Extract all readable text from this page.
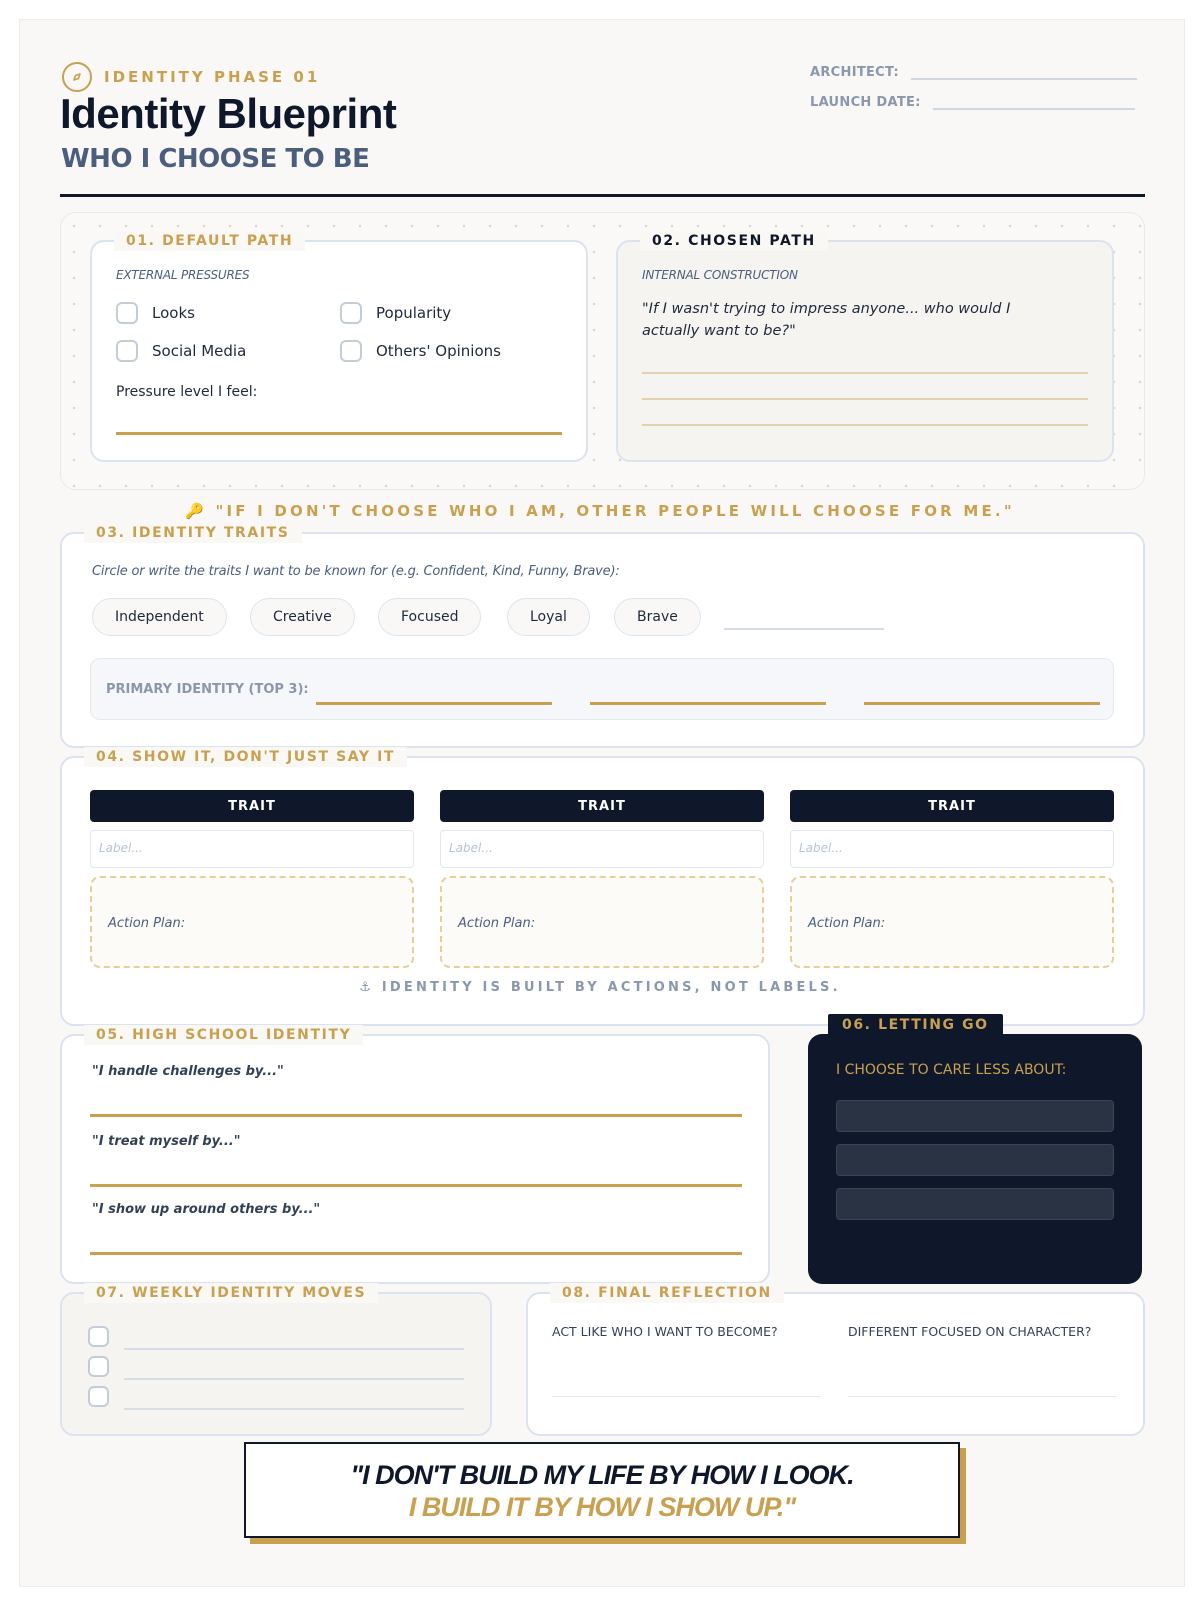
IDENTITY PHASE 01
Identity Blueprint
WHO I CHOOSE TO BE
ARCHITECT:
LAUNCH DATE:
01. DEFAULT PATH
EXTERNAL PRESSURES
Looks	Popularity
Social Media	Others' Opinions
Pressure level I feel:
02. CHOSEN PATH
INTERNAL CONSTRUCTION
"If I wasn't trying to impress anyone... who would I actually want to be?"
🔑 "IF I DON'T CHOOSE WHO I AM, OTHER PEOPLE WILL CHOOSE FOR ME."
03. IDENTITY TRAITS
Circle or write the traits I want to be known for (e.g. Confident, Kind, Funny, Brave):
Independent	Creative	Focused	Loyal	Brave
PRIMARY IDENTITY (TOP 3):
04. SHOW IT, DON'T JUST SAY IT
TRAIT	TRAIT	TRAIT
Label...	Label...	Label...
Action Plan:	Action Plan:	Action Plan:
⚓ IDENTITY IS BUILT BY ACTIONS, NOT LABELS.
05. HIGH SCHOOL IDENTITY
"I handle challenges by..."
"I treat myself by..."
"I show up around others by..."
06. LETTING GO
I CHOOSE TO CARE LESS ABOUT:
07. WEEKLY IDENTITY MOVES	08. FINAL REFLECTION
ACT LIKE WHO I WANT TO BECOME?	DIFFERENT FOCUSED ON CHARACTER?
"I DON'T BUILD MY LIFE BY HOW I LOOK.
I BUILD IT BY HOW I SHOW UP."
